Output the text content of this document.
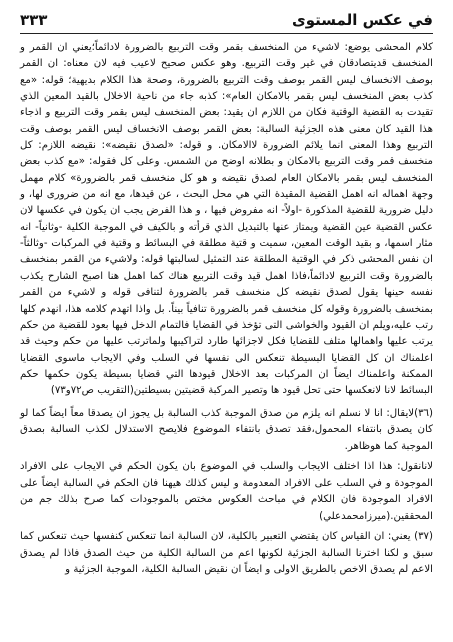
في عكس المستوى
٣٣٣

كلام المحشى يوضع: لاشيء من المنخسف بقمر وقت التربيع بالضرورة لادائماً؛يعني ان القمر و المنخسف قديتصادقان في غير وقت التربيع. وهو عكس صحيح لاعيب فيه لان معناه: ان القمر بوصف الانخساف ليس القمر بوصف وقت التربيع بالضرورة، وصحة هذا الكلام بديهية؛ قوله: «مع كذب بعض المنخسف ليس بقمر بالامكان العام»: كذبه جاء من ناحية الاخلال بالقيد المعين الذي تقيدت به القضية الوقتية فكان من اللازم ان يقيد: بعض المنخسف ليس بقمر وقت التربيع و اذجاء هذا القيد كان معنى هذه الجزئية السالبة: بعض القمر بوصف الانخساف ليس القمر بوصف وقت التربيع وهذا المعنى انما يلائم الضرورة لاالامكان. و قوله: «لصدق نقيضه»: نقيضه اللازم: كل منخسف قمر وقت التربيع بالامكان و بطلانه اوضح من الشمس. وعلى كل فقوله: «مع كذب بعض المنخسف ليس بقمر بالامكان العام لصدق نقيضه و هو كل منخسف قمر بالضرورة» كلام مهمل وجهة اهماله انه اهمل القضية المقيدة التي هي محل البحث ، عن قيدها، مع انه من ضرورى لها، و دليل ضرورية للقضية المذكورة -اولاً- انه مفروض فيها ، و هذا الفرض يجب ان يكون في عكسها لان عكس القضية عين القضية ويمتاز عنها بالتبديل الذي قرأته و بالكيف في الموجبة الكلية -وثانياً- انه مثار اسمها، و بقيد الوقت المعين، سميت و قتية مطلقة في البسائط و وقتية في المركبات -وثالثاً- ان نفس المحشى ذكر في الوقتية المطلقة عند التمثيل لسالبتها قوله: ولاشيء من القمر بمنخسف بالضرورة وقت التربيع لادائماً،فاذا اهمل قيد وقت التربيع هناك كما اهمل هنا اصبح الشارح يكذب نفسه حينها يقول لصدق نقيضه كل منخسف قمر بالضرورة لتنافى قوله و لاشيء من القمر بمنخسف بالضرورة وقوله كل منخسف قمر بالضرورة تنافياً بيناً. بل واذا اتهدم كلامه هذا، انهدم كلها رتب عليه،ويلم ان القيود والخواشى التى تؤخذ في القضايا فالتمام الدخل فيها بعود للقضية من حكم يرتب عليها واهمالها متلف للقضايا فكل لاجزائها طارد لتراكيبها ولماترتب عليها من حكم وحيث قد اعلمناك ان كل القضايا البسيطة تنعكس الى نفسها في السلب وفي الايجاب ماسوى القضايا الممكنة واعلمناك ايضاً ان المركبات بعد الاخلال قيودها التي قضايا بسيطة يكون حكمها حكم البسائط لانا لانعكسها حتى تحل قيود ها وتصير المركبة قضيتين بسيطتين(التقريب ص٧٢و٧٣)

(٣٦)لايقال: انا لا نسلم انه يلزم من صدق الموجبة كذب السالبة بل يجوز ان يصدقا معاً ايضاً كما لو كان يصدق بانتفاء المحمول،فقد تصدق بانتفاء الموضوع فلايصح الاستدلال لكذب السالبة بصدق الموجبة كما هوظاهر.

لانانقول: هذا اذا اختلف الايجاب والسلب في الموضوع بان يكون الحكم في الايجاب على الافراد الموجودة و في السلب على الافراد المعدومة و ليس كذلك هيهنا فان الحكم في السالبة ايضاً على الافراد الموجودة فان الكلام في مباحث العكوس مختص بالموجودات كما صرح بذلك جم من المحققين.(ميرزامحمدعلي)

(٣٧) يعني: ان القياس كان يقتضي التعبير بالكلية، لان السالبة انما تنعكس كنفسها حيث تنعكس كما سبق و لكنا اخترنا السالبة الجزئية لكونها اعم من السالبة الكلية من حيث الصدق فاذا لم يصدق الاعم لم يصدق الاخص بالطريق الاولى و ايضاً ان نقيض السالبة الكلية، الموجبة الجزئية و
